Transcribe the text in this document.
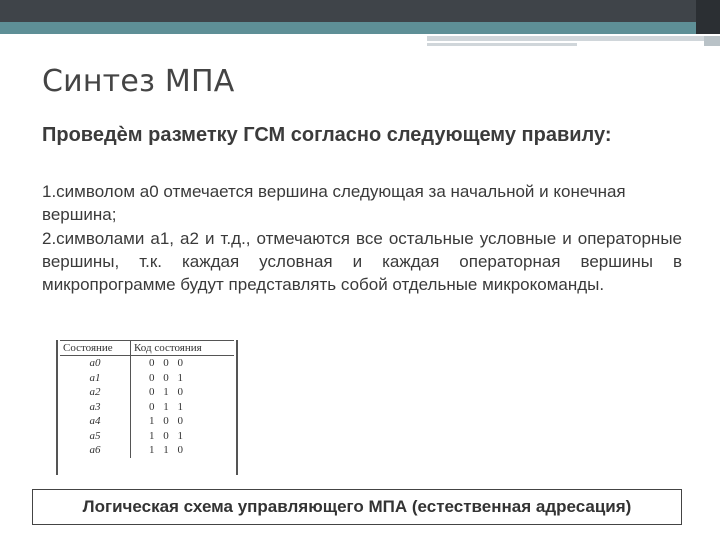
Синтез МПА
Проведѐм разметку ГСМ согласно следующему правилу:

1.символом а0 отмечается вершина следующая за начальной и конечная вершина;

2.символами а1, а2 и т.д., отмечаются все остальные условные и операторные вершины, т.к. каждая условная и каждая операторная вершины в микропрограмме будут представлять собой отдельные микрокоманды.

Состояние	Код состояния
a0	0 0 0
a1	0 0 1
a2	0 1 0
a3	0 1 1
a4	1 0 0
a5	1 0 1
a6	1 1 0
Логическая схема управляющего МПА (естественная адресация)
